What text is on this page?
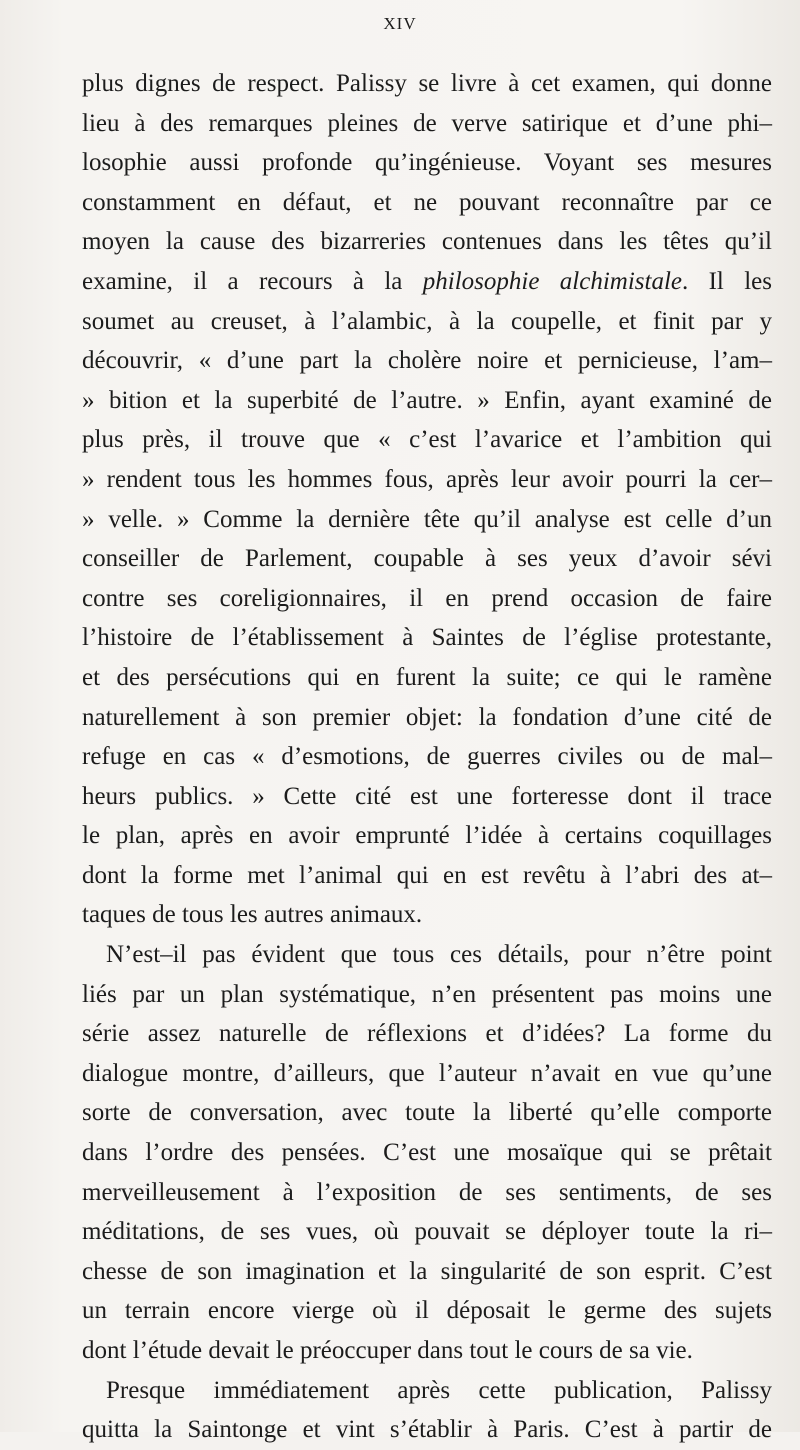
XIV
plus dignes de respect. Palissy se livre à cet examen, qui donne
lieu à des remarques pleines de verve satirique et d’une phi–
losophie aussi profonde qu’ingénieuse. Voyant ses mesures
constamment en défaut, et ne pouvant reconnaître par ce
moyen la cause des bizarreries contenues dans les têtes qu’il
examine, il a recours à la philosophie alchimistale. Il les
soumet au creuset, à l’alambic, à la coupelle, et finit par y
découvrir, « d’une part la cholère noire et pernicieuse, l’am–
» bition et la superbité de l’autre. » Enfin, ayant examiné de
plus près, il trouve que « c’est l’avarice et l’ambition qui
» rendent tous les hommes fous, après leur avoir pourri la cer–
» velle. » Comme la dernière tête qu’il analyse est celle d’un
conseiller de Parlement, coupable à ses yeux d’avoir sévi
contre ses coreligionnaires, il en prend occasion de faire
l’histoire de l’établissement à Saintes de l’église protestante,
et des persécutions qui en furent la suite; ce qui le ramène
naturellement à son premier objet: la fondation d’une cité de
refuge en cas « d’esmotions, de guerres civiles ou de mal–
heurs publics. » Cette cité est une forteresse dont il trace
le plan, après en avoir emprunté l’idée à certains coquillages
dont la forme met l’animal qui en est revêtu à l’abri des at–
taques de tous les autres animaux.
N’est–il pas évident que tous ces détails, pour n’être point
liés par un plan systématique, n’en présentent pas moins une
série assez naturelle de réflexions et d’idées? La forme du
dialogue montre, d’ailleurs, que l’auteur n’avait en vue qu’une
sorte de conversation, avec toute la liberté qu’elle comporte
dans l’ordre des pensées. C’est une mosaïque qui se prêtait
merveilleusement à l’exposition de ses sentiments, de ses
méditations, de ses vues, où pouvait se déployer toute la ri–
chesse de son imagination et la singularité de son esprit. C’est
un terrain encore vierge où il déposait le germe des sujets
dont l’étude devait le préoccuper dans tout le cours de sa vie.
Presque immédiatement après cette publication, Palissy
quitta la Saintonge et vint s’établir à Paris. C’est à partir de
